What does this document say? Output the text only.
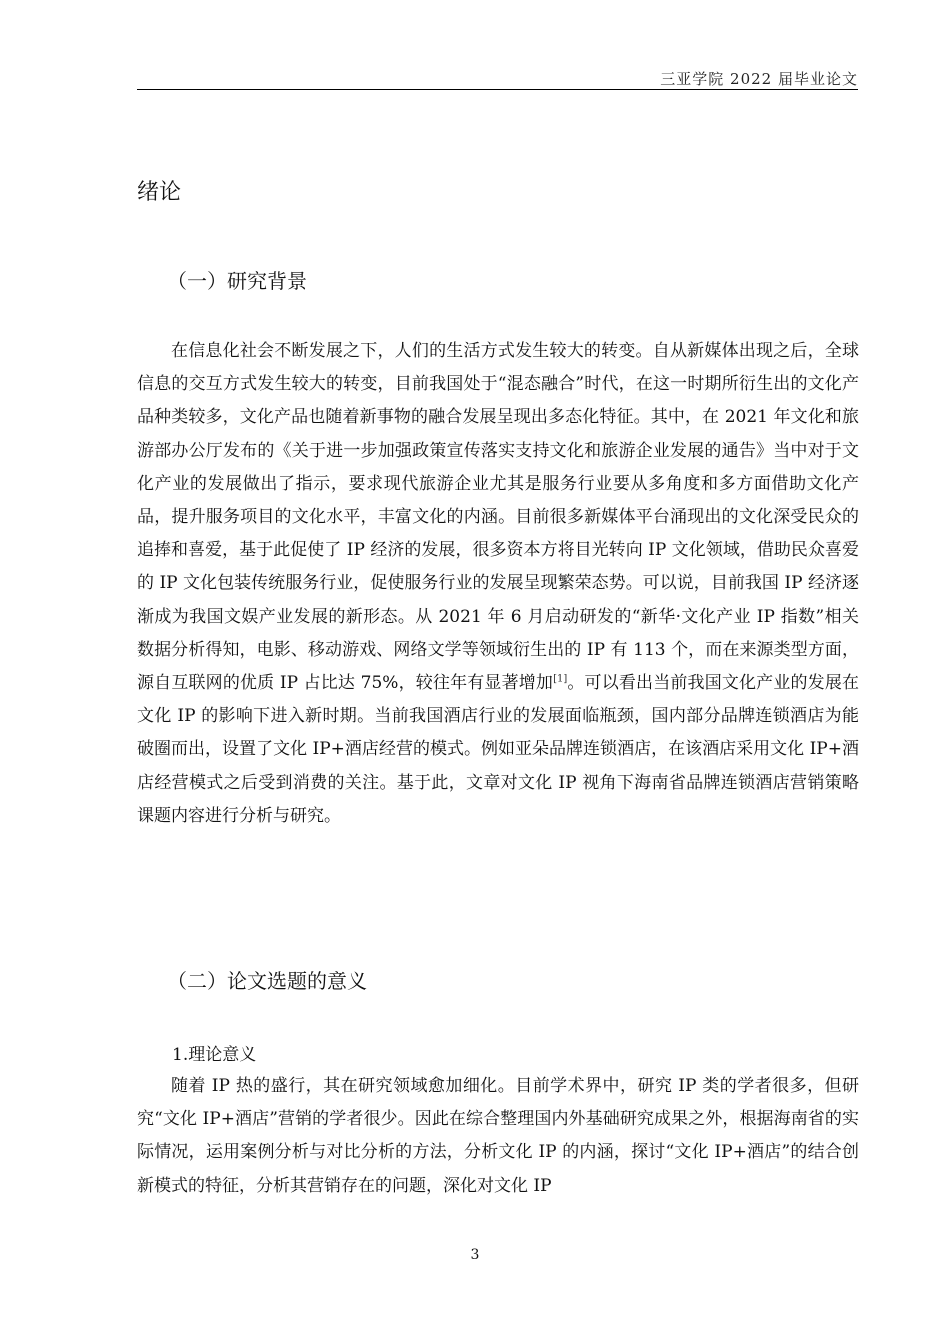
三亚学院 2022 届毕业论文
绪论
（一）研究背景

在信息化社会不断发展之下，人们的生活方式发生较大的转变。自从新媒体出现之后，全球信息的交互方式发生较大的转变，目前我国处于“混态融合”时代，在这一时期所衍生出的文化产品种类较多，文化产品也随着新事物的融合发展呈现出多态化特征。其中，在 2021 年文化和旅游部办公厅发布的《关于进一步加强政策宣传落实支持文化和旅游企业发展的通告》当中对于文化产业的发展做出了指示，要求现代旅游企业尤其是服务行业要从多角度和多方面借助文化产品，提升服务项目的文化水平，丰富文化的内涵。目前很多新媒体平台涌现出的文化深受民众的追捧和喜爱，基于此促使了 IP 经济的发展，很多资本方将目光转向 IP 文化领域，借助民众喜爱的 IP 文化包装传统服务行业，促使服务行业的发展呈现繁荣态势。可以说，目前我国 IP 经济逐渐成为我国文娱产业发展的新形态。从 2021 年 6 月启动研发的“新华·文化产业 IP 指数”相关数据分析得知，电影、移动游戏、网络文学等领域衍生出的 IP 有 113 个，而在来源类型方面，源自互联网的优质 IP 占比达 75%，较往年有显著增加[1]。可以看出当前我国文化产业的发展在文化 IP 的影响下进入新时期。当前我国酒店行业的发展面临瓶颈，国内部分品牌连锁酒店为能破圈而出，设置了文化 IP+酒店经营的模式。例如亚朵品牌连锁酒店，在该酒店采用文化 IP+酒店经营模式之后受到消费的关注。基于此，文章对文化 IP 视角下海南省品牌连锁酒店营销策略课题内容进行分析与研究。

（二）论文选题的意义
1.理论意义

随着 IP 热的盛行，其在研究领域愈加细化。目前学术界中，研究 IP 类的学者很多，但研究“文化 IP+酒店”营销的学者很少。因此在综合整理国内外基础研究成果之外，根据海南省的实际情况，运用案例分析与对比分析的方法，分析文化 IP 的内涵，探讨“文化 IP+酒店”的结合创新模式的特征，分析其营销存在的问题，深化对文化 IP

3
